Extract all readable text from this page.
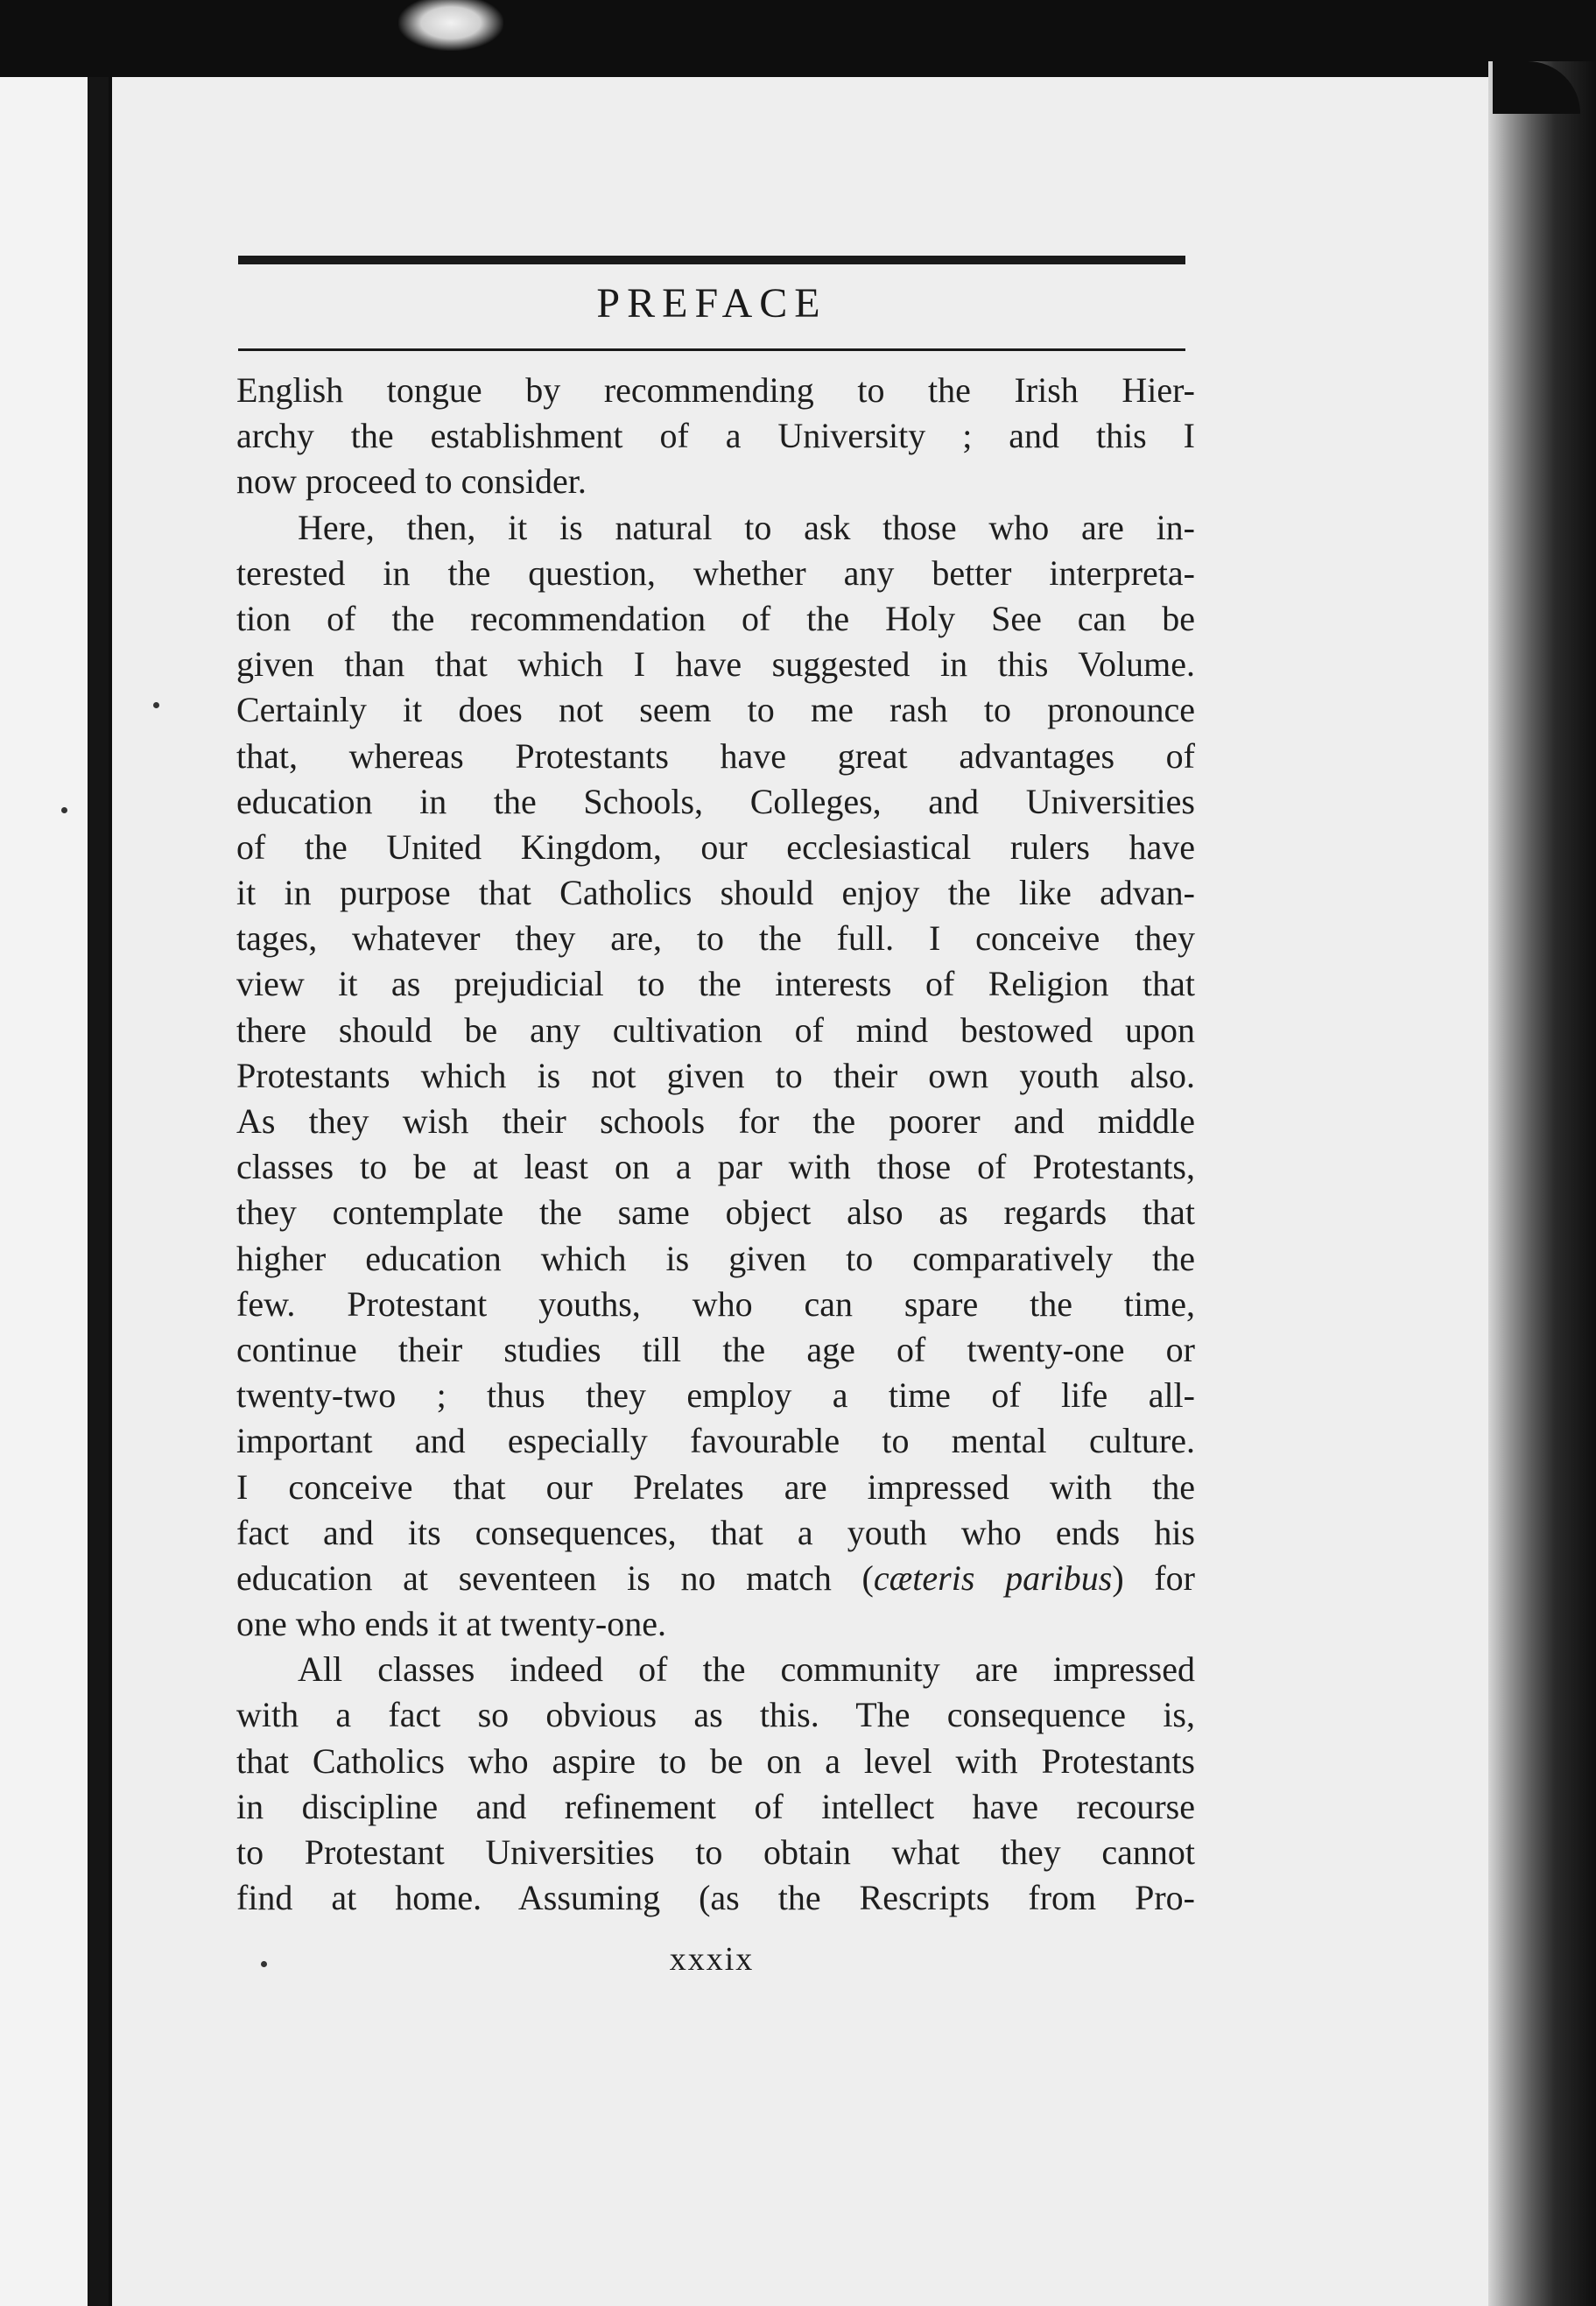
PREFACE
English tongue by recommending to the Irish Hier-
archy the establishment of a University ; and this I
now proceed to consider.
Here, then, it is natural to ask those who are in-
terested in the question, whether any better interpreta-
tion of the recommendation of the Holy See can be
given than that which I have suggested in this Volume.
Certainly it does not seem to me rash to pronounce
that, whereas Protestants have great advantages of
education in the Schools, Colleges, and Universities
of the United Kingdom, our ecclesiastical rulers have
it in purpose that Catholics should enjoy the like advan-
tages, whatever they are, to the full. I conceive they
view it as prejudicial to the interests of Religion that
there should be any cultivation of mind bestowed upon
Protestants which is not given to their own youth also.
As they wish their schools for the poorer and middle
classes to be at least on a par with those of Protestants,
they contemplate the same object also as regards that
higher education which is given to comparatively the
few. Protestant youths, who can spare the time,
continue their studies till the age of twenty-one or
twenty-two ; thus they employ a time of life all-
important and especially favourable to mental culture.
I conceive that our Prelates are impressed with the
fact and its consequences, that a youth who ends his
education at seventeen is no match (cæteris paribus) for
one who ends it at twenty-one.
All classes indeed of the community are impressed
with a fact so obvious as this. The consequence is,
that Catholics who aspire to be on a level with Protestants
in discipline and refinement of intellect have recourse
to Protestant Universities to obtain what they cannot
find at home. Assuming (as the Rescripts from Pro-
xxxix
